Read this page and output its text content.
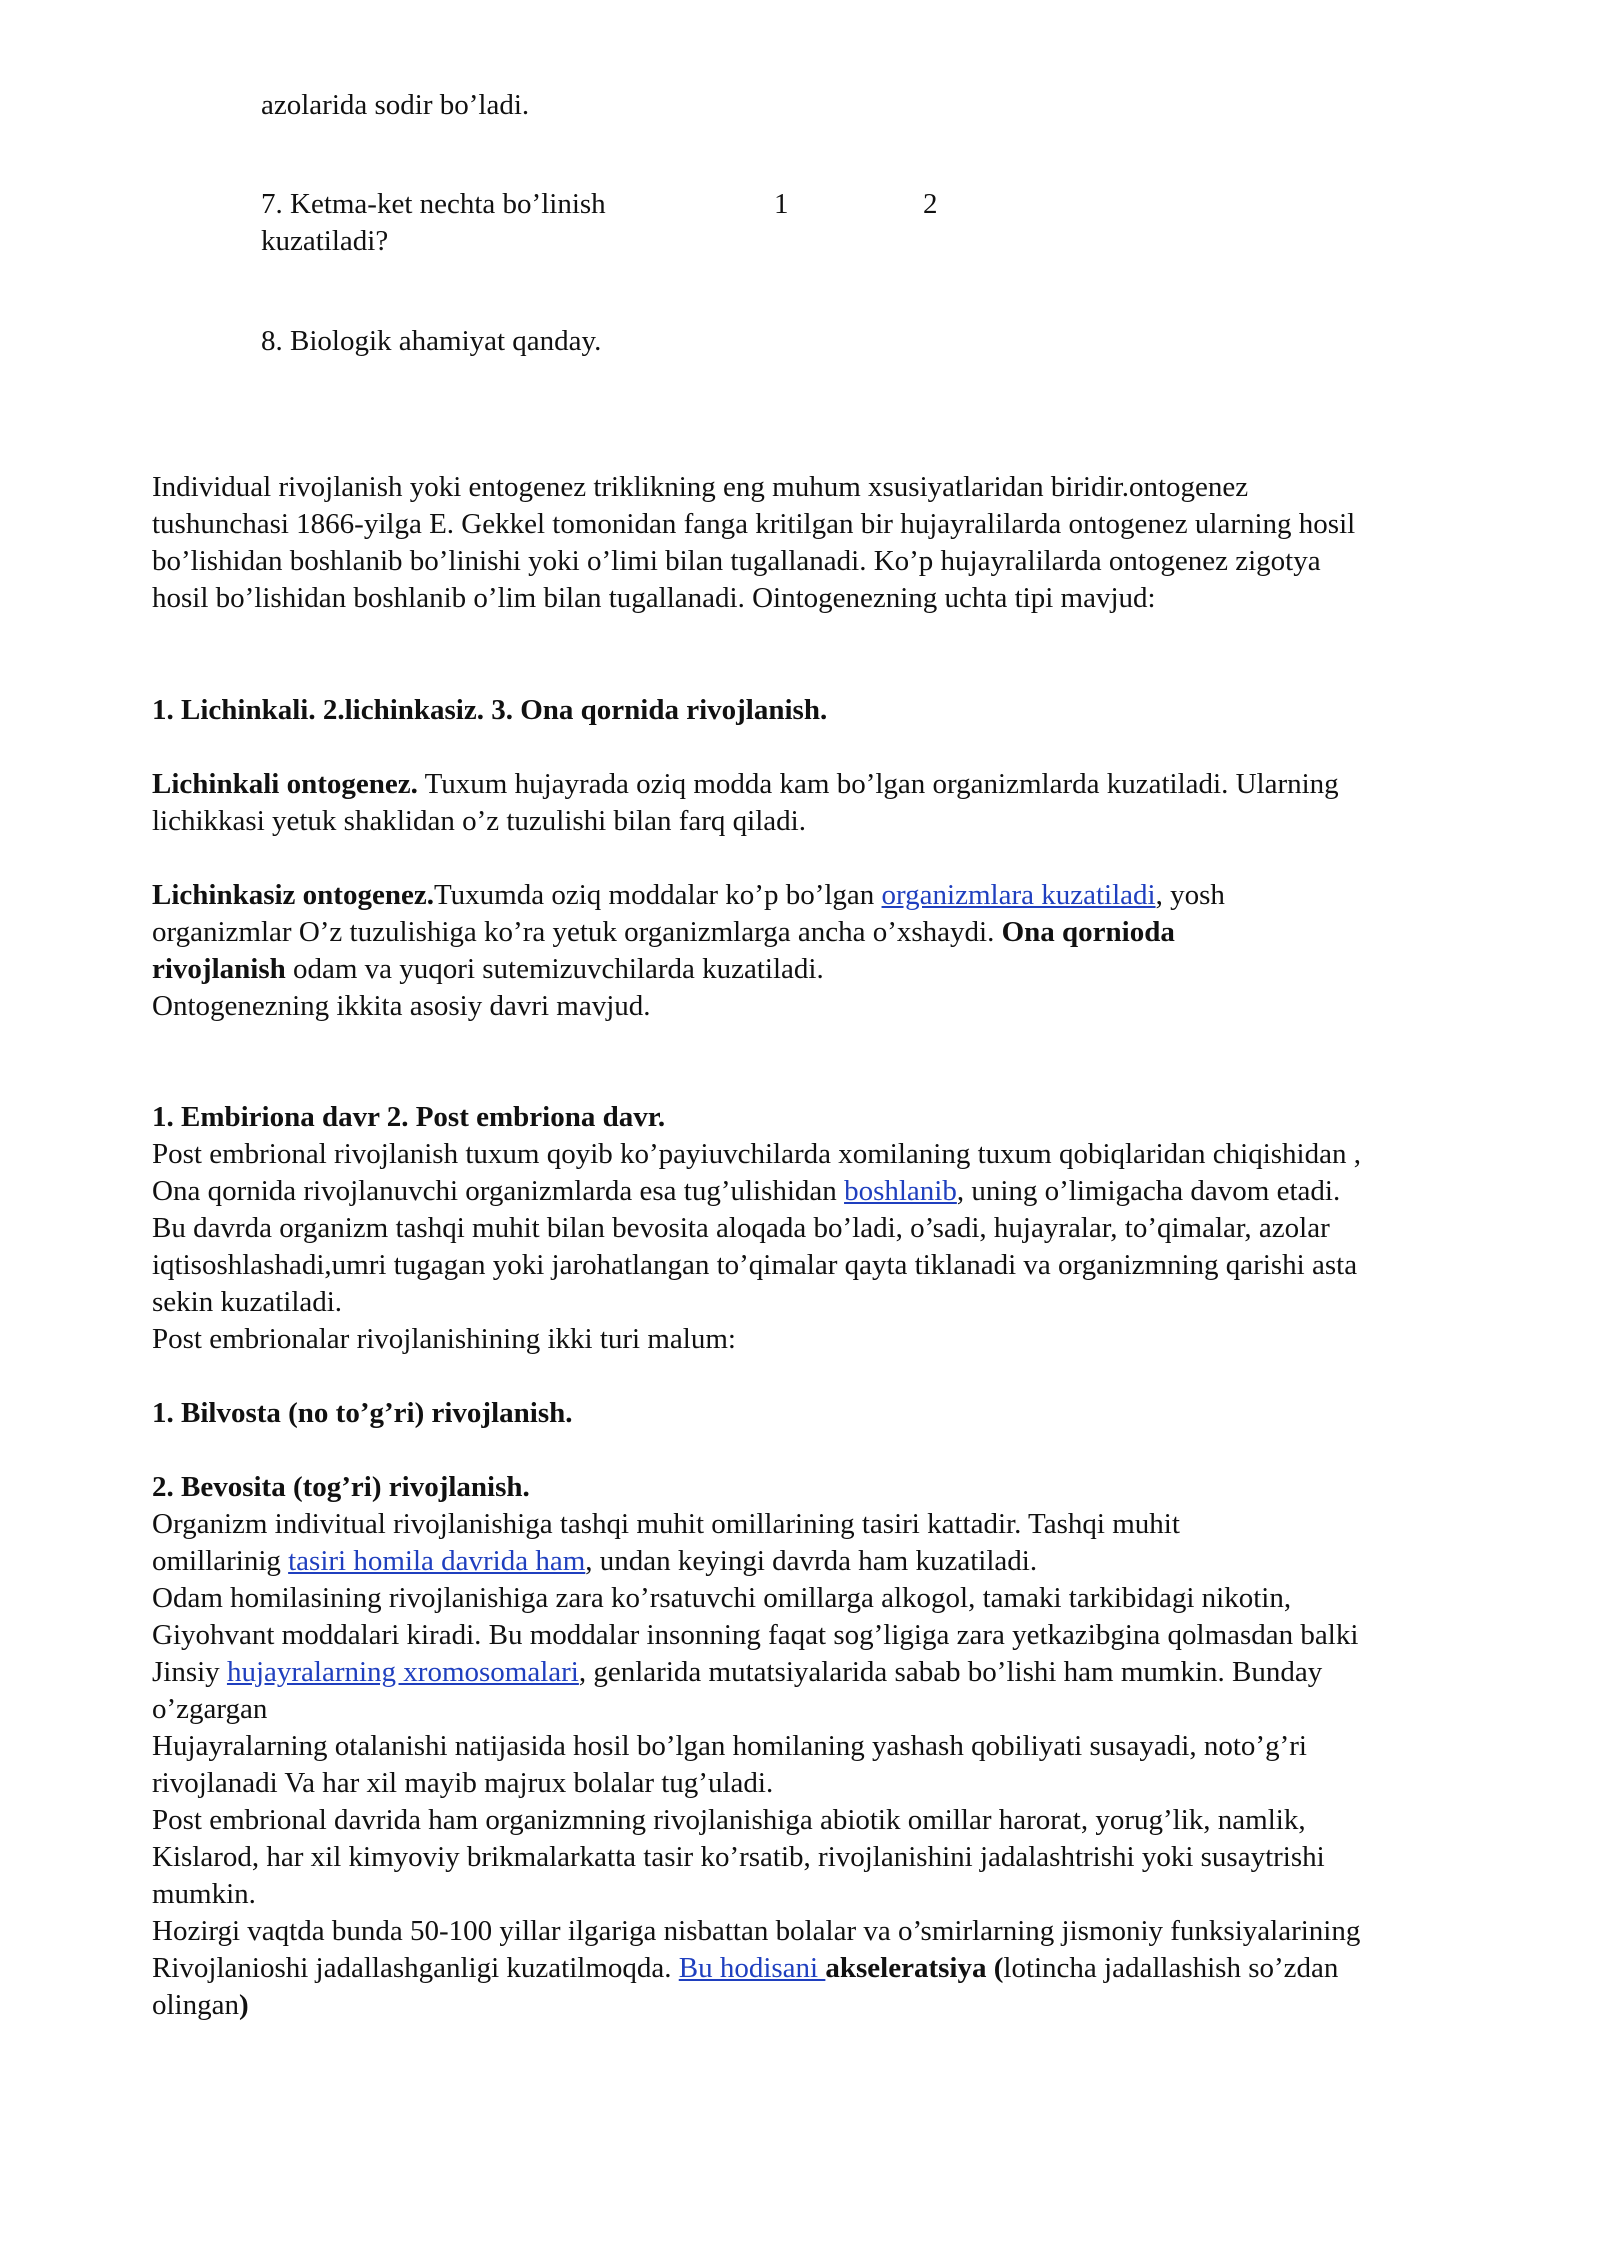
azolarida sodir bo’ladi.
7. Ketma-ket nechta bo’linish
kuzatiladi?
1	2
8. Biologik ahamiyat qanday.
Individual rivojlanish yoki entogenez triklikning eng muhum xsusiyatlaridan biridir.ontogenez
tushunchasi 1866-yilga E. Gekkel tomonidan fanga kritilgan bir hujayralilarda ontogenez ularning hosil
bo’lishidan boshlanib bo’linishi yoki o’limi bilan tugallanadi. Ko’p hujayralilarda ontogenez zigotya
hosil bo’lishidan boshlanib o’lim bilan tugallanadi. Ointogenezning uchta tipi mavjud:
1. Lichinkali. 2.lichinkasiz. 3. Ona qornida rivojlanish.
Lichinkali ontogenez. Tuxum hujayrada oziq modda kam bo’lgan organizmlarda kuzatiladi. Ularning
lichikkasi yetuk shaklidan o’z tuzulishi bilan farq qiladi.
Lichinkasiz ontogenez.Tuxumda oziq moddalar ko’p bo’lgan organizmlara kuzatiladi, yosh
organizmlar O’z tuzulishiga ko’ra yetuk organizmlarga ancha o’xshaydi. Ona qornioda
rivojlanish odam va yuqori sutemizuvchilarda kuzatiladi.
Ontogenezning ikkita asosiy davri mavjud.
1. Embiriona davr 2. Post embriona davr.
Post embrional rivojlanish tuxum qoyib ko’payiuvchilarda xomilaning tuxum qobiqlaridan chiqishidan ,
Ona qornida rivojlanuvchi organizmlarda esa tug’ulishidan boshlanib, uning o’limigacha davom etadi.
Bu davrda organizm tashqi muhit bilan bevosita aloqada bo’ladi, o’sadi, hujayralar, to’qimalar, azolar
iqtisoshlashadi,umri tugagan yoki jarohatlangan to’qimalar qayta tiklanadi va organizmning qarishi asta
sekin kuzatiladi.
Post embrionalar rivojlanishining ikki turi malum:
1. Bilvosta (no to’g’ri) rivojlanish.
2. Bevosita (tog’ri) rivojlanish.
Organizm indivitual rivojlanishiga tashqi muhit omillarining tasiri kattadir. Tashqi muhit
omillarinig tasiri homila davrida ham, undan keyingi davrda ham kuzatiladi.
Odam homilasining rivojlanishiga zara ko’rsatuvchi omillarga alkogol, tamaki tarkibidagi nikotin,
Giyohvant moddalari kiradi. Bu moddalar insonning faqat sog’ligiga zara yetkazibgina qolmasdan balki
Jinsiy hujayralarning xromosomalari, genlarida mutatsiyalarida sabab bo’lishi ham mumkin. Bunday
o’zgargan
Hujayralarning otalanishi natijasida hosil bo’lgan homilaning yashash qobiliyati susayadi, noto’g’ri
rivojlanadi Va har xil mayib majrux bolalar tug’uladi.
Post embrional davrida ham organizmning rivojlanishiga abiotik omillar harorat, yorug’lik, namlik,
Kislarod, har xil kimyoviy brikmalarkatta tasir ko’rsatib, rivojlanishini jadalashtrishi yoki susaytrishi
mumkin.
Hozirgi vaqtda bunda 50-100 yillar ilgariga nisbattan bolalar va o’smirlarning jismoniy funksiyalarining
Rivojlanioshi jadallashganligi kuzatilmoqda. Bu hodisani akseleratsiya (lotincha jadallashish so’zdan
olingan)
